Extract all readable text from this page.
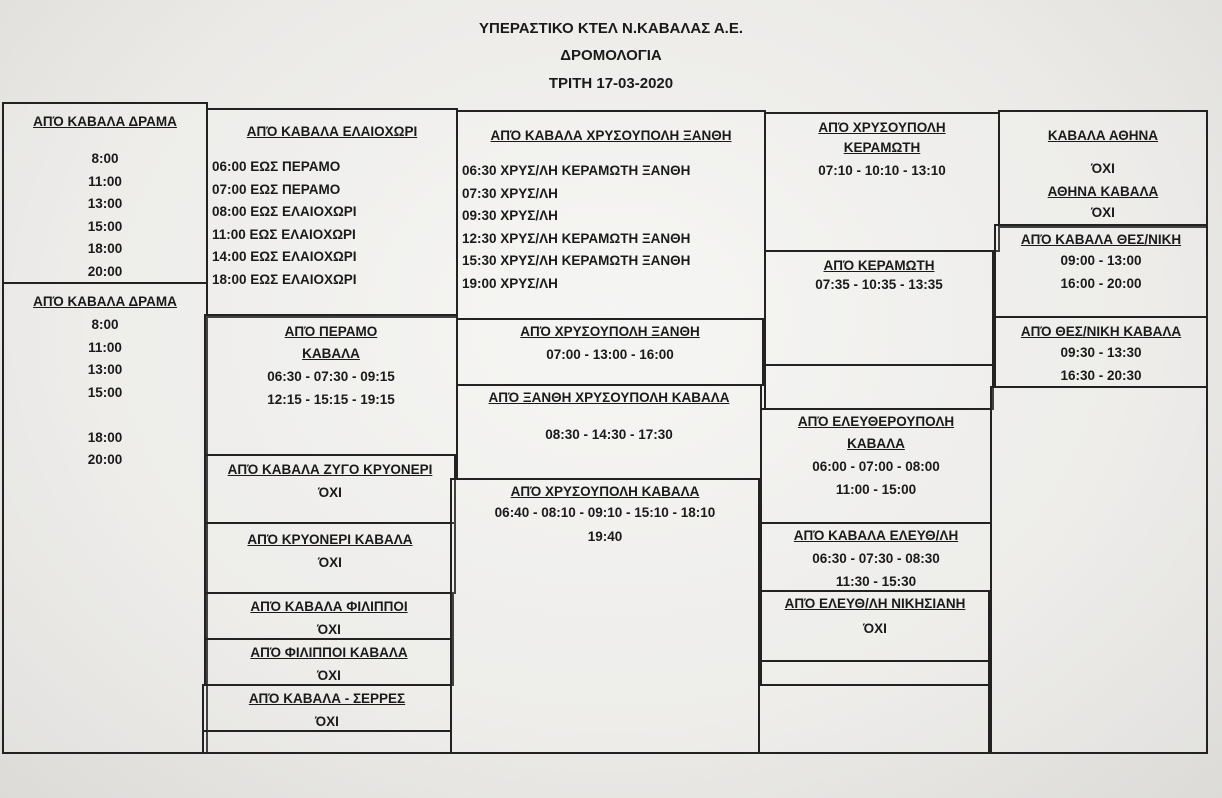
ΥΠΕΡΑΣΤΙΚΟ ΚΤΕΛ Ν.ΚΑΒΑΛΑΣ Α.Ε.
ΔΡΟΜΟΛΟΓΙΑ
ΤΡΙΤΗ 17-03-2020
ΑΠΌ ΚΑΒΑΛΑ ΔΡΑΜΑ
8:00
11:00
13:00
15:00
18:00
20:00
ΑΠΌ ΚΑΒΑΛΑ ΔΡΑΜΑ
8:00
11:00
13:00
15:00
18:00
20:00
ΑΠΌ ΚΑΒΑΛΑ ΕΛΑΙΟΧΩΡΙ
06:00 ΕΩΣ ΠΕΡΑΜΟ
07:00 ΕΩΣ ΠΕΡΑΜΟ
08:00 ΕΩΣ ΕΛΑΙΟΧΩΡΙ
11:00 ΕΩΣ ΕΛΑΙΟΧΩΡΙ
14:00 ΕΩΣ ΕΛΑΙΟΧΩΡΙ
18:00 ΕΩΣ ΕΛΑΙΟΧΩΡΙ
ΑΠΌ ΠΕΡΑΜΟ
ΚΑΒΑΛΑ
06:30 - 07:30 - 09:15
12:15 - 15:15 - 19:15
ΑΠΌ ΚΑΒΑΛΑ ΖΥΓΟ ΚΡΥΟΝΕΡΙ
ΌΧΙ
ΑΠΌ ΚΡΥΟΝΕΡΙ ΚΑΒΑΛΑ
ΌΧΙ
ΑΠΌ ΚΑΒΑΛΑ ΦΙΛΙΠΠΟΙ
ΌΧΙ
ΑΠΌ ΦΙΛΙΠΠΟΙ ΚΑΒΑΛΑ
ΌΧΙ
ΑΠΌ ΚΑΒΑΛΑ - ΣΕΡΡΕΣ
ΌΧΙ
ΑΠΌ ΚΑΒΑΛΑ ΧΡΥΣΟΥΠΟΛΗ ΞΑΝΘΗ
06:30 ΧΡΥΣ/ΛΗ ΚΕΡΑΜΩΤΗ ΞΑΝΘΗ
07:30 ΧΡΥΣ/ΛΗ
09:30 ΧΡΥΣ/ΛΗ
12:30 ΧΡΥΣ/ΛΗ ΚΕΡΑΜΩΤΗ ΞΑΝΘΗ
15:30 ΧΡΥΣ/ΛΗ ΚΕΡΑΜΩΤΗ ΞΑΝΘΗ
19:00 ΧΡΥΣ/ΛΗ
ΑΠΌ ΧΡΥΣΟΥΠΟΛΗ ΞΑΝΘΗ
07:00 - 13:00 - 16:00
ΑΠΌ ΞΑΝΘΗ ΧΡΥΣΟΥΠΟΛΗ ΚΑΒΑΛΑ
08:30 - 14:30 - 17:30
ΑΠΌ ΧΡΥΣΟΥΠΟΛΗ ΚΑΒΑΛΑ
06:40 - 08:10 - 09:10 - 15:10 - 18:10
19:40
ΑΠΌ ΧΡΥΣΟΥΠΟΛΗ
ΚΕΡΑΜΩΤΗ
07:10 - 10:10 - 13:10
ΑΠΌ ΚΕΡΑΜΩΤΗ
07:35 - 10:35 - 13:35
ΑΠΌ ΕΛΕΥΘΕΡΟΥΠΟΛΗ
ΚΑΒΑΛΑ
06:00 - 07:00 - 08:00
11:00 - 15:00
ΑΠΌ ΚΑΒΑΛΑ ΕΛΕΥΘ/ΛΗ
06:30 - 07:30 - 08:30
11:30 - 15:30
ΑΠΌ ΕΛΕΥΘ/ΛΗ ΝΙΚΗΣΙΑΝΗ
ΌΧΙ
ΚΑΒΑΛΑ ΑΘΗΝΑ
ΌΧΙ
ΑΘΗΝΑ ΚΑΒΑΛΑ
ΌΧΙ
ΑΠΌ ΚΑΒΑΛΑ ΘΕΣ/ΝΙΚΗ
09:00 - 13:00
16:00 - 20:00
ΑΠΌ ΘΕΣ/ΝΙΚΗ ΚΑΒΑΛΑ
09:30 - 13:30
16:30 - 20:30
